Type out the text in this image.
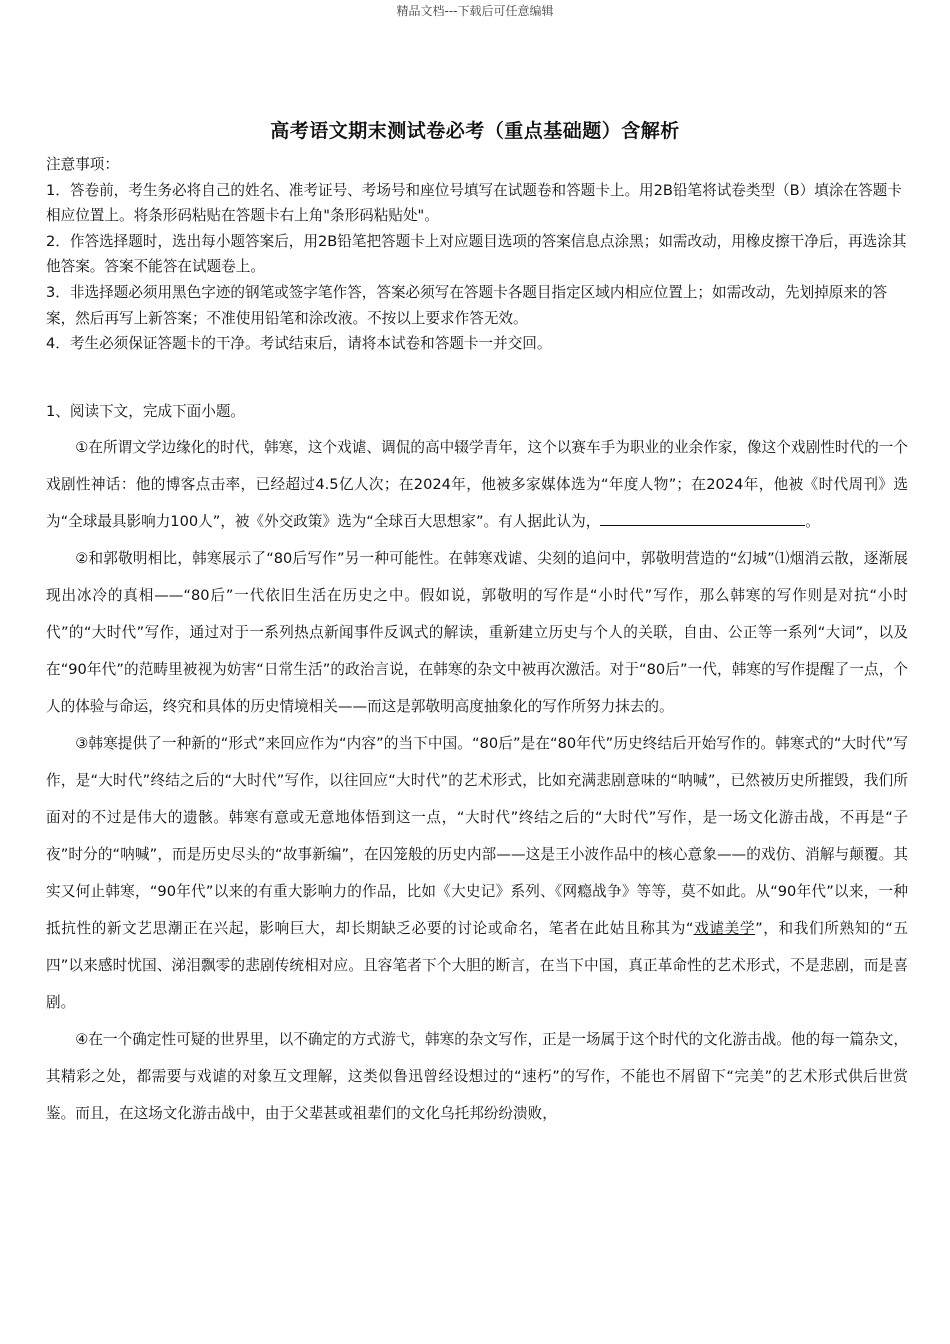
精品文档---下载后可任意编辑
高考语文期末测试卷必考（重点基础题）含解析

注意事项：

1．答卷前，考生务必将自己的姓名、准考证号、考场号和座位号填写在试题卷和答题卡上。用2B铅笔将试卷类型（B）填涂在答题卡相应位置上。将条形码粘贴在答题卡右上角"条形码粘贴处"。

2．作答选择题时，选出每小题答案后，用2B铅笔把答题卡上对应题目选项的答案信息点涂黑；如需改动，用橡皮擦干净后，再选涂其他答案。答案不能答在试题卷上。

3．非选择题必须用黑色字迹的钢笔或签字笔作答，答案必须写在答题卡各题目指定区域内相应位置上；如需改动，先划掉原来的答案，然后再写上新答案；不准使用铅笔和涂改液。不按以上要求作答无效。

4．考生必须保证答题卡的干净。考试结束后，请将本试卷和答题卡一并交回。

1、阅读下文，完成下面小题。

①在所谓文学边缘化的时代，韩寒，这个戏谑、调侃的高中辍学青年，这个以赛车手为职业的业余作家，像这个戏剧性时代的一个戏剧性神话：他的博客点击率，已经超过4.5亿人次；在2024年，他被多家媒体选为“年度人物”；在2024年，他被《时代周刊》选为“全球最具影响力100人”，被《外交政策》选为“全球百大思想家”。有人据此认为，	。

②和郭敬明相比，韩寒展示了“80后写作”另一种可能性。在韩寒戏谑、尖刻的追问中，郭敬明营造的“幻城”⑴烟消云散，逐渐展现出冰冷的真相——“80后”一代依旧生活在历史之中。假如说，郭敬明的写作是“小时代”写作，那么韩寒的写作则是对抗“小时代”的“大时代”写作，通过对于一系列热点新闻事件反讽式的解读，重新建立历史与个人的关联，自由、公正等一系列“大词”，以及在“90年代”的范畴里被视为妨害“日常生活”的政治言说，在韩寒的杂文中被再次激活。对于“80后”一代，韩寒的写作提醒了一点，个人的体验与命运，终究和具体的历史情境相关——而这是郭敬明高度抽象化的写作所努力抹去的。

③韩寒提供了一种新的“形式”来回应作为“内容”的当下中国。“80后”是在“80年代”历史终结后开始写作的。韩寒式的“大时代”写作，是“大时代”终结之后的“大时代”写作，以往回应“大时代”的艺术形式，比如充满悲剧意味的“呐喊”，已然被历史所摧毁，我们所面对的不过是伟大的遗骸。韩寒有意或无意地体悟到这一点，“大时代”终结之后的“大时代”写作，是一场文化游击战，不再是“子夜”时分的“呐喊”，而是历史尽头的“故事新编”，在囚笼般的历史内部——这是王小波作品中的核心意象——的戏仿、消解与颠覆。其实又何止韩寒，“90年代”以来的有重大影响力的作品，比如《大史记》系列、《网瘾战争》等等，莫不如此。从“90年代”以来，一种抵抗性的新文艺思潮正在兴起，影响巨大，却长期缺乏必要的讨论或命名，笔者在此姑且称其为“戏谑美学”，和我们所熟知的“五四”以来感时忧国、涕泪飘零的悲剧传统相对应。且容笔者下个大胆的断言，在当下中国，真正革命性的艺术形式，不是悲剧，而是喜剧。

④在一个确定性可疑的世界里，以不确定的方式游弋，韩寒的杂文写作，正是一场属于这个时代的文化游击战。他的每一篇杂文，其精彩之处，都需要与戏谑的对象互文理解，这类似鲁迅曾经设想过的“速朽”的写作，不能也不屑留下“完美”的艺术形式供后世赏鉴。而且，在这场文化游击战中，由于父辈甚或祖辈们的文化乌托邦纷纷溃败，
